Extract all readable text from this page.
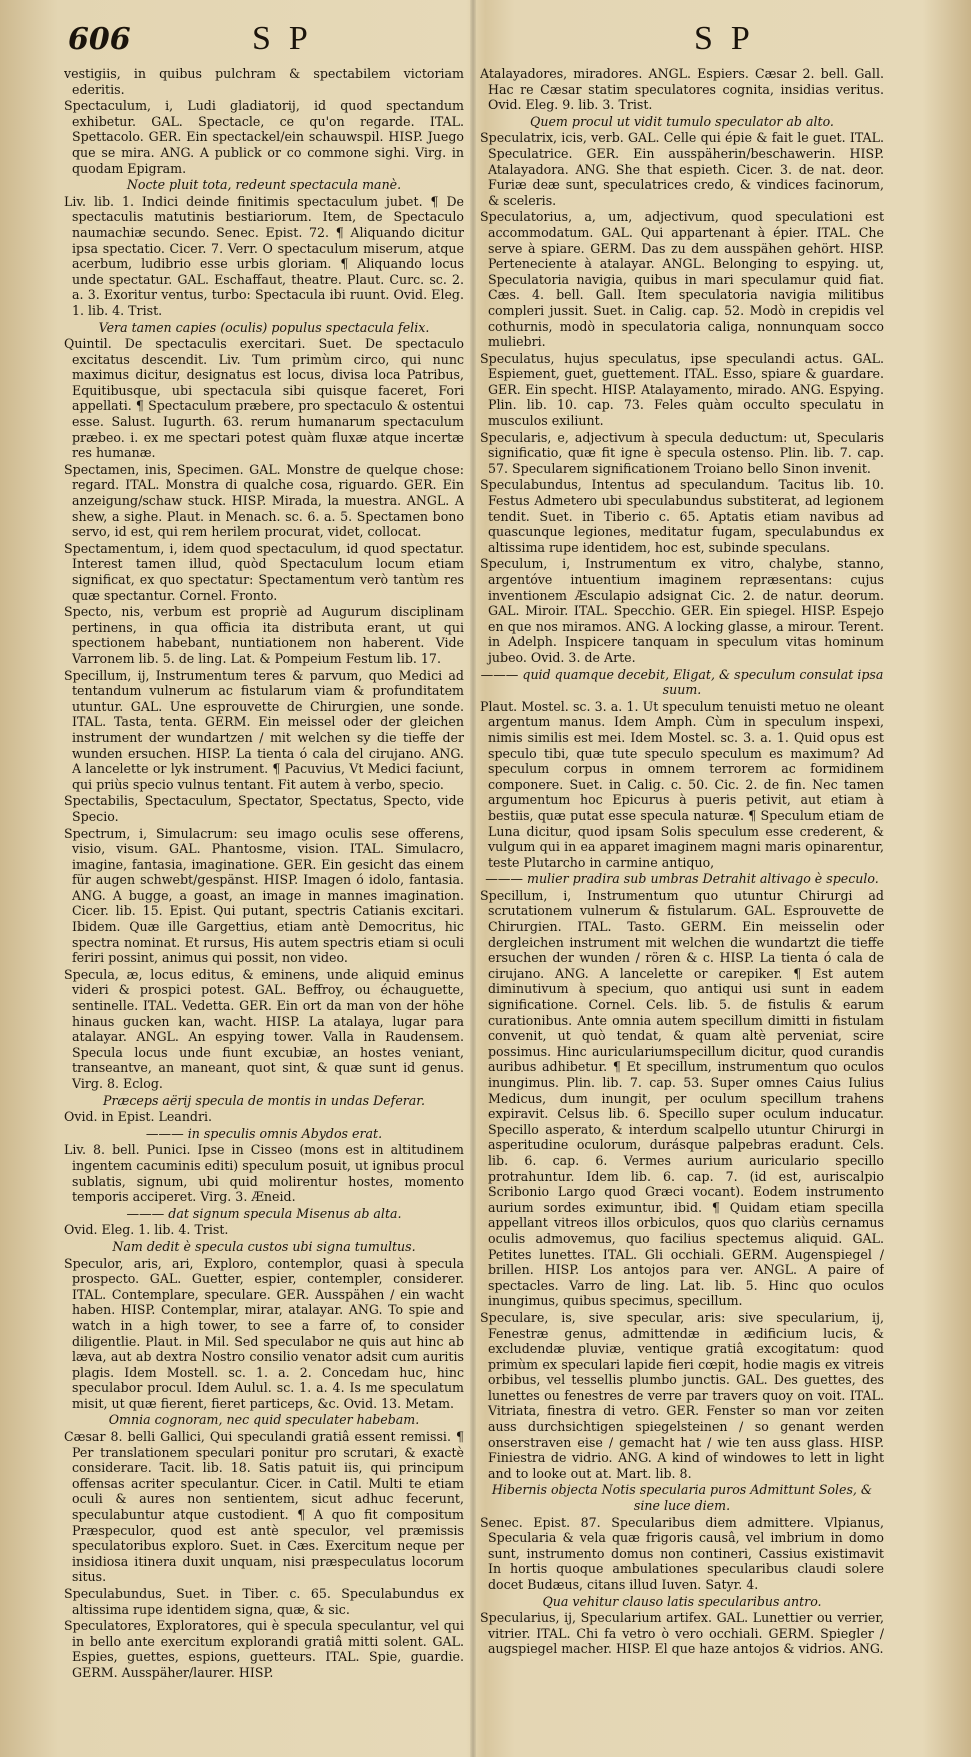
606	SP	SP

vestigiis, in quibus pulchram & spectabilem victoriam ederitis.

Spectaculum, i, Ludi gladiatorij, id quod spectandum exhibetur. GAL. Spectacle, ce qu'on regarde. ITAL. Spettacolo. GER. Ein spectackel/ein schauwspil. HISP. Juego que se mira. ANG. A publick or co commone sighi. Virg. in quodam Epigram.

Nocte pluit tota, redeunt spectacula manè.

Liv. lib. 1. Indici deinde finitimis spectaculum jubet. ¶ De spectaculis matutinis bestiariorum. Item, de Spectaculo naumachiæ secundo. Senec. Epist. 72. ¶ Aliquando dicitur ipsa spectatio. Cicer. 7. Verr. O spectaculum miserum, atque acerbum, ludibrio esse urbis gloriam. ¶ Aliquando locus unde spectatur. GAL. Eschaffaut, theatre. Plaut. Curc. sc. 2. a. 3. Exoritur ventus, turbo: Spectacula ibi ruunt. Ovid. Eleg. 1. lib. 4. Trist.

Vera tamen capies (oculis) populus spectacula felix.

Quintil. De spectaculis exercitari. Suet. De spectaculo excitatus descendit. Liv. Tum primùm circo, qui nunc maximus dicitur, designatus est locus, divisa loca Patribus, Equitibusque, ubi spectacula sibi quisque faceret, Fori appellati. ¶ Spectaculum præbere, pro spectaculo & ostentui esse. Salust. Iugurth. 63. rerum humanarum spectaculum præbeo. i. ex me spectari potest quàm fluxæ atque incertæ res humanæ.

Spectamen, inis, Specimen. GAL. Monstre de quelque chose: regard. ITAL. Monstra di qualche cosa, riguardo. GER. Ein anzeigung/schaw stuck. HISP. Mirada, la muestra. ANGL. A shew, a sighe. Plaut. in Menach. sc. 6. a. 5. Spectamen bono servo, id est, qui rem herilem procurat, videt, collocat.

Spectamentum, i, idem quod spectaculum, id quod spectatur. Interest tamen illud, quòd Spectaculum locum etiam significat, ex quo spectatur: Spectamentum verò tantùm res quæ spectantur. Cornel. Fronto.

Specto, nis, verbum est propriè ad Augurum disciplinam pertinens, in qua officia ita distributa erant, ut qui spectionem habebant, nuntiationem non haberent. Vide Varronem lib. 5. de ling. Lat. & Pompeium Festum lib. 17.

Specillum, ij, Instrumentum teres & parvum, quo Medici ad tentandum vulnerum ac fistularum viam & profunditatem utuntur. GAL. Une esprouvette de Chirurgien, une sonde. ITAL. Tasta, tenta. GERM. Ein meissel oder der gleichen instrument der wundartzen / mit welchen sy die tieffe der wunden ersuchen. HISP. La tienta ó cala del cirujano. ANG. A lancelette or lyk instrument. ¶ Pacuvius, Vt Medici faciunt, qui priùs specio vulnus tentant. Fit autem à verbo, specio.

Spectabilis, Spectaculum, Spectator, Spectatus, Specto, vide Specio.

Spectrum, i, Simulacrum: seu imago oculis sese offerens, visio, visum. GAL. Phantosme, vision. ITAL. Simulacro, imagine, fantasia, imaginatione. GER. Ein gesicht das einem für augen schwebt/gespänst. HISP. Imagen ó idolo, fantasia. ANG. A bugge, a goast, an image in mannes imagination. Cicer. lib. 15. Epist. Qui putant, spectris Catianis excitari. Ibidem. Quæ ille Gargettius, etiam antè Democritus, hic spectra nominat. Et rursus, His autem spectris etiam si oculi feriri possint, animus qui possit, non video.

Specula, æ, locus editus, & eminens, unde aliquid eminus videri & prospici potest. GAL. Beffroy, ou échauguette, sentinelle. ITAL. Vedetta. GER. Ein ort da man von der höhe hinaus gucken kan, wacht. HISP. La atalaya, lugar para atalayar. ANGL. An espying tower. Valla in Raudensem. Specula locus unde fiunt excubiæ, an hostes veniant, transeantve, an maneant, quot sint, & quæ sunt id genus. Virg. 8. Eclog.

Præceps aërij specula de montis in undas Deferar.

Ovid. in Epist. Leandri.

——— in speculis omnis Abydos erat.

Liv. 8. bell. Punici. Ipse in Cisseo (mons est in altitudinem ingentem cacuminis editi) speculum posuit, ut ignibus procul sublatis, signum, ubi quid molirentur hostes, momento temporis acciperet. Virg. 3. Æneid.

——— dat signum specula Misenus ab alta.

Ovid. Eleg. 1. lib. 4. Trist.

Nam dedit è specula custos ubi signa tumultus.

Speculor, aris, ari, Exploro, contemplor, quasi à specula prospecto. GAL. Guetter, espier, contempler, considerer. ITAL. Contemplare, speculare. GER. Ausspähen / ein wacht haben. HISP. Contemplar, mirar, atalayar. ANG. To spie and watch in a high tower, to see a farre of, to consider diligentlie. Plaut. in Mil. Sed speculabor ne quis aut hinc ab læva, aut ab dextra Nostro consilio venator adsit cum auritis plagis. Idem Mostell. sc. 1. a. 2. Concedam huc, hinc speculabor procul. Idem Aulul. sc. 1. a. 4. Is me speculatum misit, ut quæ fierent, fieret particeps, &c. Ovid. 13. Metam.

Omnia cognoram, nec quid speculater habebam.

Cæsar 8. belli Gallici, Qui speculandi gratiâ essent remissi. ¶ Per translationem speculari ponitur pro scrutari, & exactè considerare. Tacit. lib. 18. Satis patuit iis, qui principum offensas acriter speculantur. Cicer. in Catil. Multi te etiam oculi & aures non sentientem, sicut adhuc fecerunt, speculabuntur atque custodient. ¶ A quo fit compositum Præspeculor, quod est antè speculor, vel præmissis speculatoribus exploro. Suet. in Cæs. Exercitum neque per insidiosa itinera duxit unquam, nisi præspeculatus locorum situs.

Speculabundus, Suet. in Tiber. c. 65. Speculabundus ex altissima rupe identidem signa, quæ, & sic.

Speculatores, Exploratores, qui è specula speculantur, vel qui in bello ante exercitum explorandi gratiâ mitti solent. GAL. Espies, guettes, espions, guetteurs. ITAL. Spie, guardie. GERM. Ausspäher/laurer. HISP.

Atalayadores, miradores. ANGL. Espiers. Cæsar 2. bell. Gall. Hac re Cæsar statim speculatores cognita, insidias veritus. Ovid. Eleg. 9. lib. 3. Trist.

Quem procul ut vidit tumulo speculator ab alto.

Speculatrix, icis, verb. GAL. Celle qui épie & fait le guet. ITAL. Speculatrice. GER. Ein ausspäherin/beschawerin. HISP. Atalayadora. ANG. She that espieth. Cicer. 3. de nat. deor. Furiæ deæ sunt, speculatrices credo, & vindices facinorum, & sceleris.

Speculatorius, a, um, adjectivum, quod speculationi est accommodatum. GAL. Qui appartenant à épier. ITAL. Che serve à spiare. GERM. Das zu dem ausspähen gehört. HISP. Perteneciente à atalayar. ANGL. Belonging to espying. ut, Speculatoria navigia, quibus in mari speculamur quid fiat. Cæs. 4. bell. Gall. Item speculatoria navigia militibus compleri jussit. Suet. in Calig. cap. 52. Modò in crepidis vel cothurnis, modò in speculatoria caliga, nonnunquam socco muliebri.

Speculatus, hujus speculatus, ipse speculandi actus. GAL. Espiement, guet, guettement. ITAL. Esso, spiare & guardare. GER. Ein specht. HISP. Atalayamento, mirado. ANG. Espying. Plin. lib. 10. cap. 73. Feles quàm occulto speculatu in musculos exiliunt.

Specularis, e, adjectivum à specula deductum: ut, Specularis significatio, quæ fit igne è specula ostenso. Plin. lib. 7. cap. 57. Specularem significationem Troiano bello Sinon invenit.

Speculabundus, Intentus ad speculandum. Tacitus lib. 10. Festus Admetero ubi speculabundus substiterat, ad legionem tendit. Suet. in Tiberio c. 65. Aptatis etiam navibus ad quascunque legiones, meditatur fugam, speculabundus ex altissima rupe identidem, hoc est, subinde speculans.

Speculum, i, Instrumentum ex vitro, chalybe, stanno, argentóve intuentium imaginem repræsentans: cujus inventionem Æsculapio adsignat Cic. 2. de natur. deorum. GAL. Miroir. ITAL. Specchio. GER. Ein spiegel. HISP. Espejo en que nos miramos. ANG. A locking glasse, a mirour. Terent. in Adelph. Inspicere tanquam in speculum vitas hominum jubeo. Ovid. 3. de Arte.

——— quid quamque decebit, Eligat, & speculum consulat ipsa suum.

Plaut. Mostel. sc. 3. a. 1. Ut speculum tenuisti metuo ne oleant argentum manus. Idem Amph. Cùm in speculum inspexi, nimis similis est mei. Idem Mostel. sc. 3. a. 1. Quid opus est speculo tibi, quæ tute speculo speculum es maximum? Ad speculum corpus in omnem terrorem ac formidinem componere. Suet. in Calig. c. 50. Cic. 2. de fin. Nec tamen argumentum hoc Epicurus à pueris petivit, aut etiam à bestiis, quæ putat esse specula naturæ. ¶ Speculum etiam de Luna dicitur, quod ipsam Solis speculum esse crederent, & vulgum qui in ea apparet imaginem magni maris opinarentur, teste Plutarcho in carmine antiquo,

——— mulier pradira sub umbras Detrahit altivago è speculo.

Specillum, i, Instrumentum quo utuntur Chirurgi ad scrutationem vulnerum & fistularum. GAL. Esprouvette de Chirurgien. ITAL. Tasto. GERM. Ein meisselin oder dergleichen instrument mit welchen die wundartzt die tieffe ersuchen der wunden / rören & c. HISP. La tienta ó cala de cirujano. ANG. A lancelette or carepiker. ¶ Est autem diminutivum à specium, quo antiqui usi sunt in eadem significatione. Cornel. Cels. lib. 5. de fistulis & earum curationibus. Ante omnia autem specillum dimitti in fistulam convenit, ut quò tendat, & quam altè perveniat, scire possimus. Hinc auriculariumspecillum dicitur, quod curandis auribus adhibetur. ¶ Et specillum, instrumentum quo oculos inungimus. Plin. lib. 7. cap. 53. Super omnes Caius Iulius Medicus, dum inungit, per oculum specillum trahens expiravit. Celsus lib. 6. Specillo super oculum inducatur. Specillo asperato, & interdum scalpello utuntur Chirurgi in asperitudine oculorum, durásque palpebras eradunt. Cels. lib. 6. cap. 6. Vermes aurium auriculario specillo protrahuntur. Idem lib. 6. cap. 7. (id est, auriscalpio Scribonio Largo quod Græci vocant). Eodem instrumento aurium sordes eximuntur, ibid. ¶ Quidam etiam specilla appellant vitreos illos orbiculos, quos quo clariùs cernamus oculis admovemus, quo facilius spectemus aliquid. GAL. Petites lunettes. ITAL. Gli occhiali. GERM. Augenspiegel / brillen. HISP. Los antojos para ver. ANGL. A paire of spectacles. Varro de ling. Lat. lib. 5. Hinc quo oculos inungimus, quibus specimus, specillum.

Speculare, is, sive specular, aris: sive specularium, ij, Fenestræ genus, admittendæ in ædificium lucis, & excludendæ pluviæ, ventique gratiâ excogitatum: quod primùm ex speculari lapide fieri cœpit, hodie magis ex vitreis orbibus, vel tessellis plumbo junctis. GAL. Des guettes, des lunettes ou fenestres de verre par travers quoy on voit. ITAL. Vitriata, finestra di vetro. GER. Fenster so man vor zeiten auss durchsichtigen spiegelsteinen / so genant werden onserstraven eise / gemacht hat / wie ten auss glass. HISP. Finiestra de vidrio. ANG. A kind of windowes to lett in light and to looke out at. Mart. lib. 8.

Hibernis objecta Notis specularia puros Admittunt Soles, & sine luce diem.

Senec. Epist. 87. Specularibus diem admittere. Vlpianus, Specularia & vela quæ frigoris causâ, vel imbrium in domo sunt, instrumento domus non contineri, Cassius existimavit In hortis quoque ambulationes specularibus claudi solere docet Budæus, citans illud Iuven. Satyr. 4.

Qua vehitur clauso latis specularibus antro.

Specularius, ij, Specularium artifex. GAL. Lunettier ou verrier, vitrier. ITAL. Chi fa vetro ò vero occhiali. GERM. Spiegler / augspiegel macher. HISP. El que haze antojos & vidrios. ANG.
